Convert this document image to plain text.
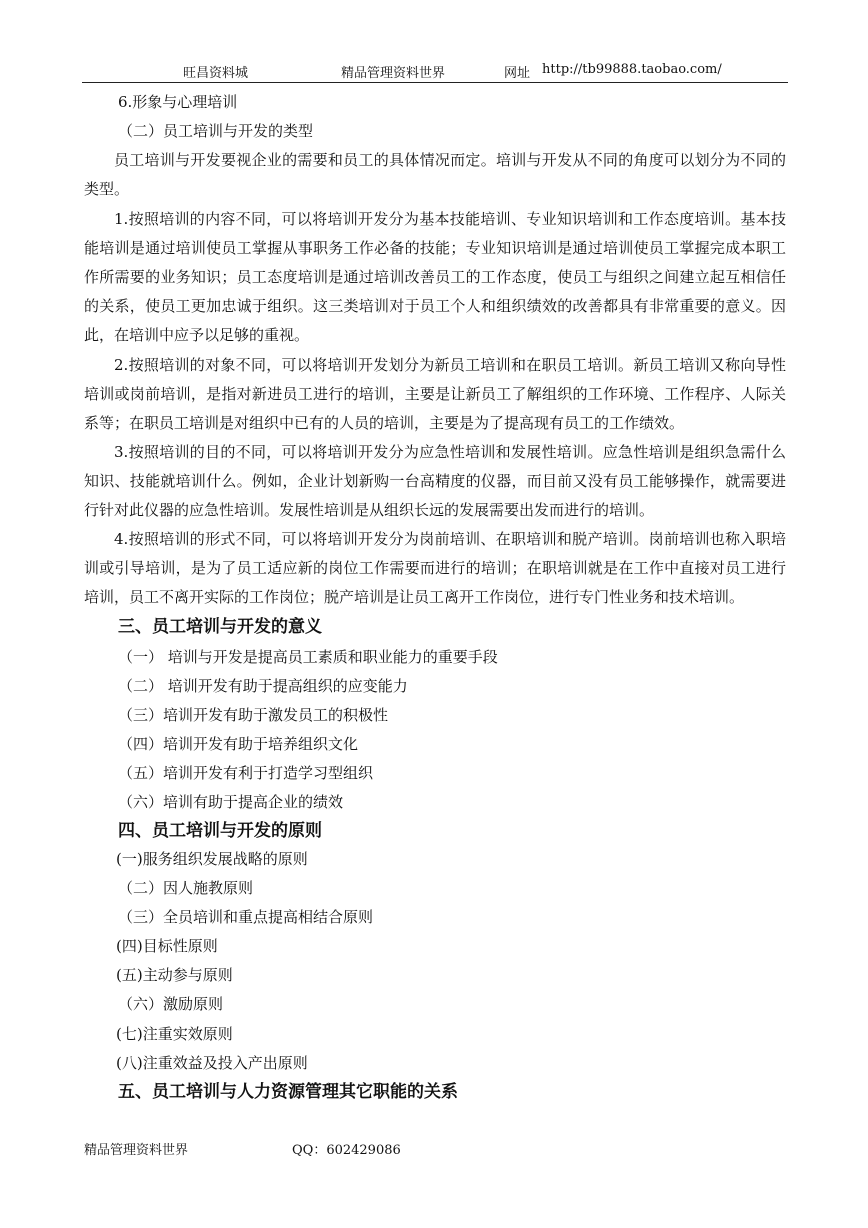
旺昌资料城	精品管理资料世界	网址 http://tb99888.taobao.com/
6.形象与心理培训
（二）员工培训与开发的类型
员工培训与开发要视企业的需要和员工的具体情况而定。培训与开发从不同的角度可以划分为不同的类型。
1.按照培训的内容不同，可以将培训开发分为基本技能培训、专业知识培训和工作态度培训。基本技能培训是通过培训使员工掌握从事职务工作必备的技能；专业知识培训是通过培训使员工掌握完成本职工作所需要的业务知识；员工态度培训是通过培训改善员工的工作态度，使员工与组织之间建立起互相信任的关系，使员工更加忠诚于组织。这三类培训对于员工个人和组织绩效的改善都具有非常重要的意义。因此，在培训中应予以足够的重视。
2.按照培训的对象不同，可以将培训开发划分为新员工培训和在职员工培训。新员工培训又称向导性培训或岗前培训，是指对新进员工进行的培训，主要是让新员工了解组织的工作环境、工作程序、人际关系等；在职员工培训是对组织中已有的人员的培训，主要是为了提高现有员工的工作绩效。
3.按照培训的目的不同，可以将培训开发分为应急性培训和发展性培训。应急性培训是组织急需什么知识、技能就培训什么。例如，企业计划新购一台高精度的仪器，而目前又没有员工能够操作，就需要进行针对此仪器的应急性培训。发展性培训是从组织长远的发展需要出发而进行的培训。
4.按照培训的形式不同，可以将培训开发分为岗前培训、在职培训和脱产培训。岗前培训也称入职培训或引导培训，是为了员工适应新的岗位工作需要而进行的培训；在职培训就是在工作中直接对员工进行培训，员工不离开实际的工作岗位；脱产培训是让员工离开工作岗位，进行专门性业务和技术培训。
三、员工培训与开发的意义
（一） 培训与开发是提高员工素质和职业能力的重要手段
（二） 培训开发有助于提高组织的应变能力
（三）培训开发有助于激发员工的积极性
（四）培训开发有助于培养组织文化
（五）培训开发有利于打造学习型组织
（六）培训有助于提高企业的绩效
四、员工培训与开发的原则
(一)服务组织发展战略的原则
（二）因人施教原则
（三）全员培训和重点提高相结合原则
(四)目标性原则
(五)主动参与原则
（六）激励原则
(七)注重实效原则
(八)注重效益及投入产出原则
五、员工培训与人力资源管理其它职能的关系
精品管理资料世界	QQ：602429086
